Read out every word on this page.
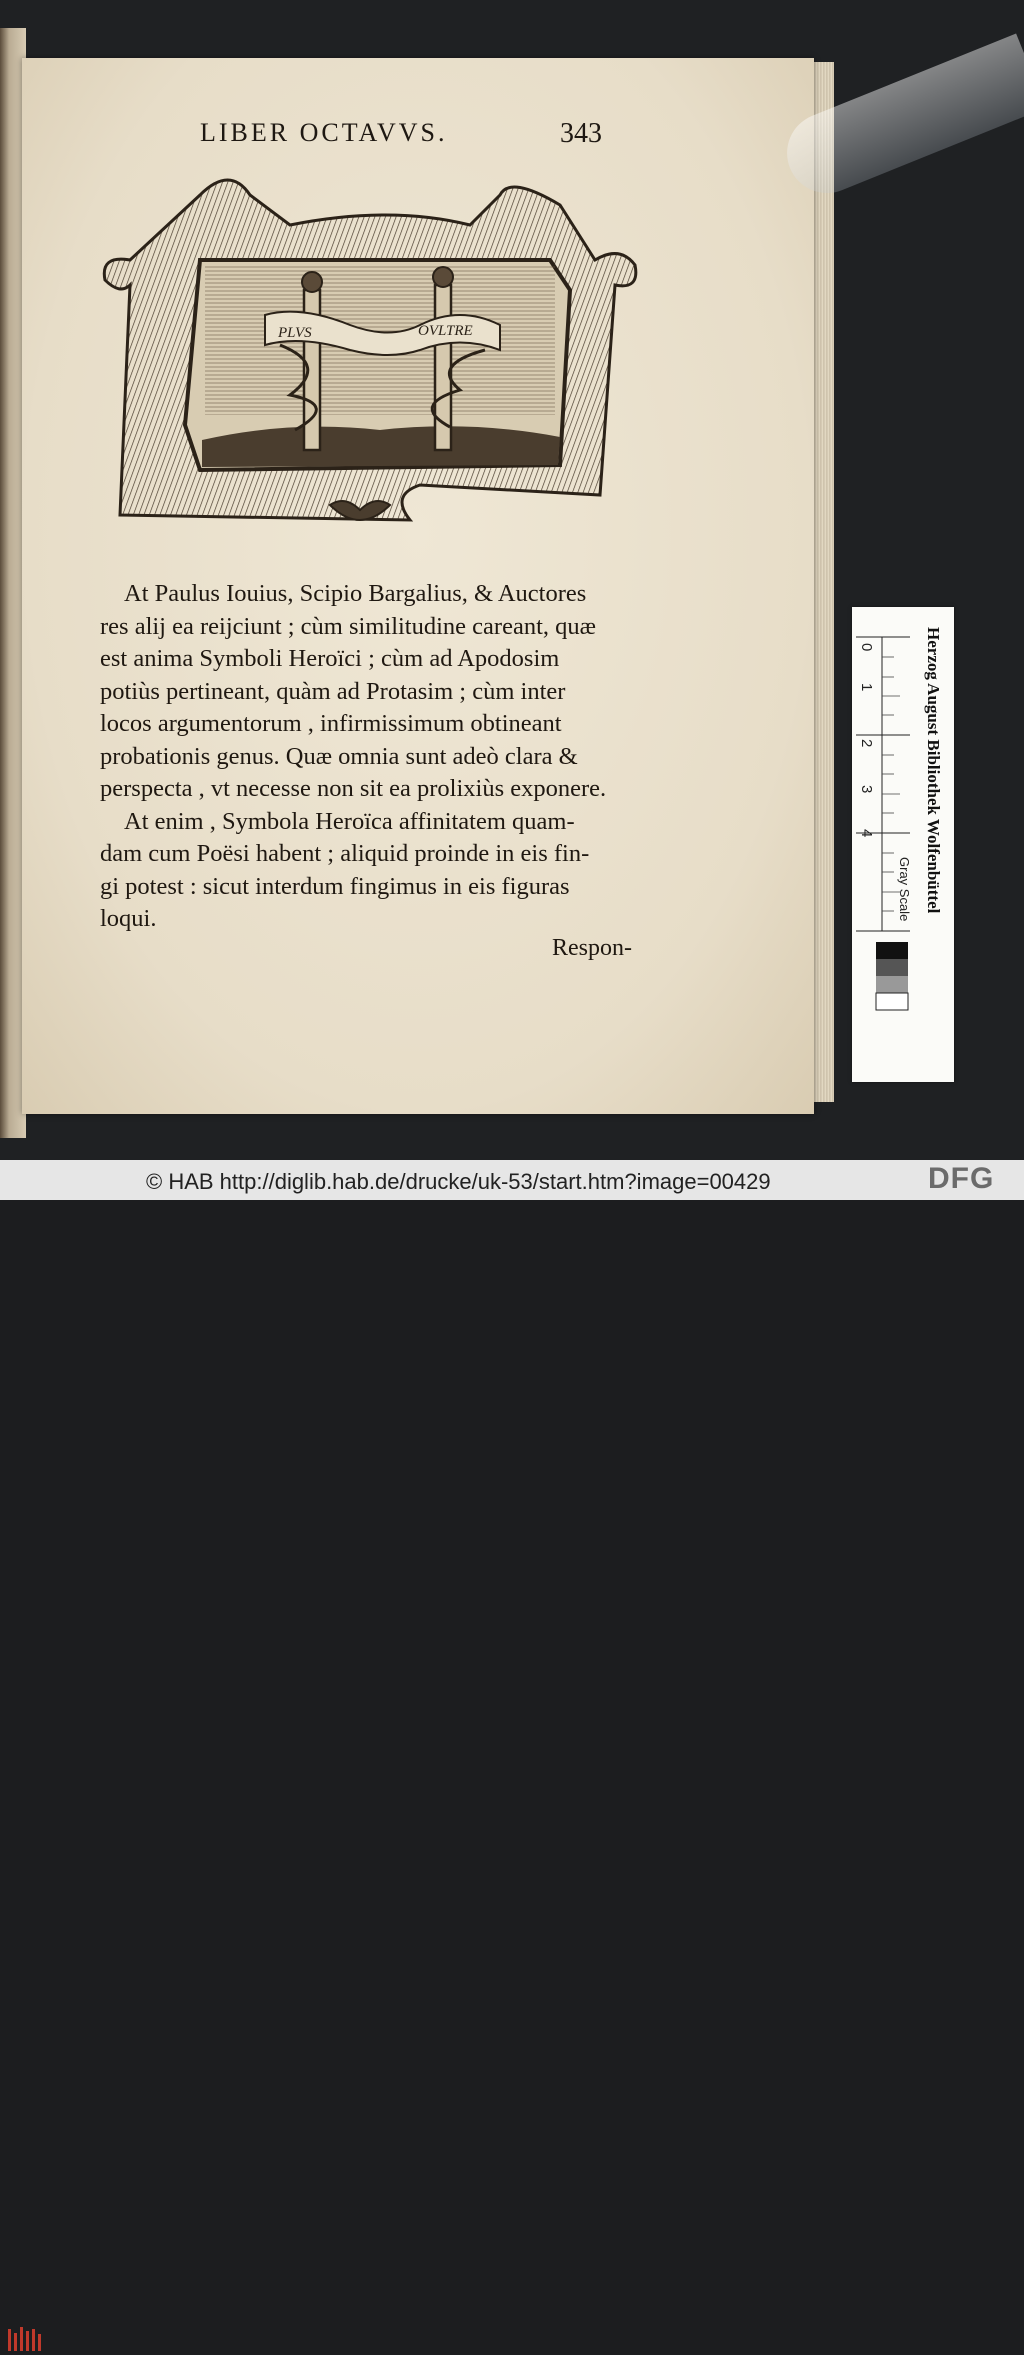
LIBER OCTAVVS.	343
PLVS	OVLTRE

At Paulus Iouius, Scipio Bargalius, & Auctores
res alij ea reijciunt ; cùm similitudine careant, quæ
est anima Symboli Heroïci ; cùm ad Apodosim
potiùs pertineant, quàm ad Protasim ; cùm inter
locos argumentorum , infirmissimum obtineant
probationis genus. Quæ omnia sunt adeò clara &
perspecta , vt necesse non sit ea prolixiùs exponere.

At enim , Symbola Heroïca affinitatem quam-
dam cum Poësi habent ; aliquid proinde in eis fin-
gi potest : sicut interdum fingimus in eis figuras
loqui.

Respon-
0
1
2
3
4	Herzog August Bibliothek Wolfenbüttel
Gray Scale
© HAB http://diglib.hab.de/drucke/uk-53/start.htm?image=00429	DFG
